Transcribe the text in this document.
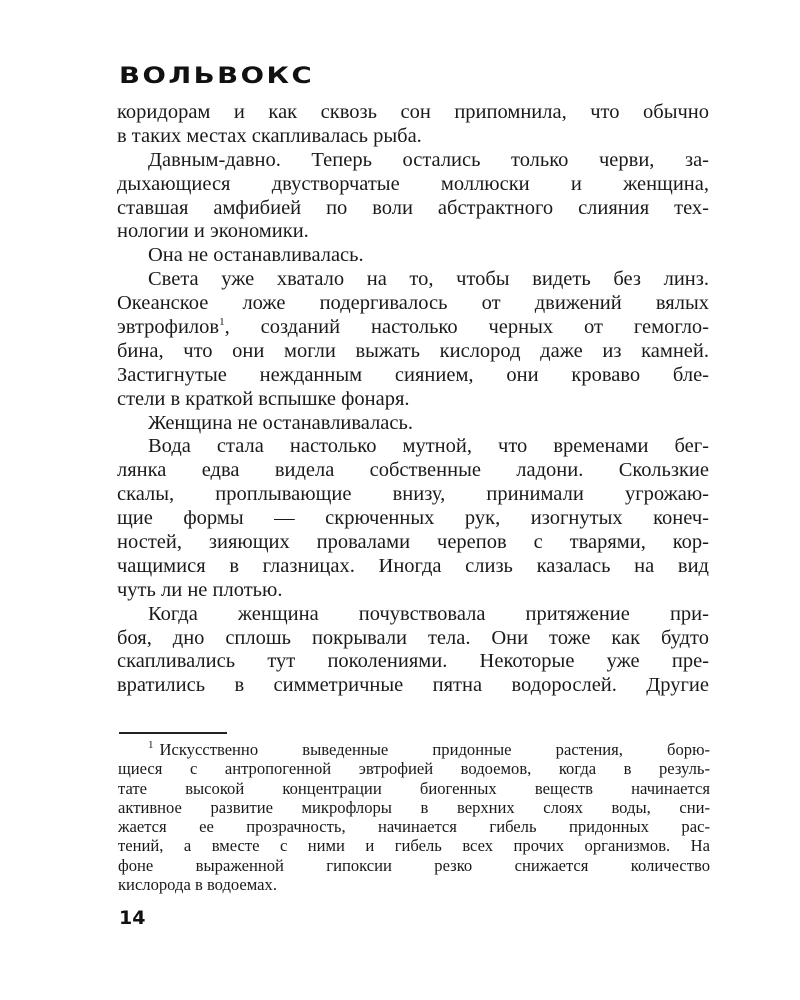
ВОЛЬВОКС
коридорам и как сквозь сон припомнила, что обычно
в таких местах скапливалась рыба.
Давным-давно. Теперь остались только черви, за-
дыхающиеся двустворчатые моллюски и женщина,
ставшая амфибией по воли абстрактного слияния тех-
нологии и экономики.
Она не останавливалась.
Света уже хватало на то, чтобы видеть без линз.
Океанское ложе подергивалось от движений вялых
эвтрофилов$^1$, созданий настолько черных от гемогло-
бина, что они могли выжать кислород даже из камней.
Застигнутые нежданным сиянием, они кроваво бле-
стели в краткой вспышке фонаря.
Женщина не останавливалась.
Вода стала настолько мутной, что временами бег-
лянка едва видела собственные ладони. Скользкие
скалы, проплывающие внизу, принимали угрожаю-
щие формы — скрюченных рук, изогнутых конеч-
ностей, зияющих провалами черепов с тварями, кор-
чащимися в глазницах. Иногда слизь казалась на вид
чуть ли не плотью.
Когда женщина почувствовала притяжение при-
боя, дно сплошь покрывали тела. Они тоже как будто
скапливались тут поколениями. Некоторые уже пре-
вратились в симметричные пятна водорослей. Другие
$^1$ Искусственно выведенные придонные растения, борю-
щиеся с антропогенной эвтрофией водоемов, когда в резуль-
тате высокой концентрации биогенных веществ начинается
активное развитие микрофлоры в верхних слоях воды, сни-
жается ее прозрачность, начинается гибель придонных рас-
тений, а вместе с ними и гибель всех прочих организмов. На
фоне выраженной гипоксии резко снижается количество
кислорода в водоемах.
14
